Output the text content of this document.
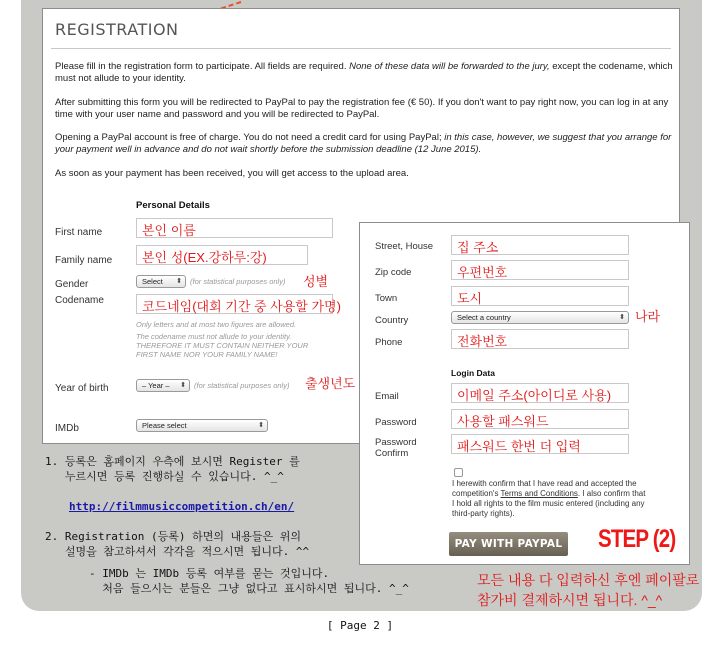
REGISTRATION

Please fill in the registration form to participate. All fields are required. None of these data will be forwarded to the jury, except the codename, which must not allude to your identity.

After submitting this form you will be redirected to PayPal to pay the registration fee (€ 50). If you don't want to pay right now, you can log in at any time with your user name and password and you will be redirected to PayPal.

Opening a PayPal account is free of charge. You do not need a credit card for using PayPal; in this case, however, we suggest that you arrange for your payment well in advance and do not wait shortly before the submission deadline (12 June 2015).

As soon as your payment has been received, you will get access to the upload area.

Personal Details
First name	본인 이름
Family name 본인 성(EX.강하루:강)
Gender	Select ⬍ (for statistical purposes only) 성별
Codename	코드네임(대회 기간 중 사용할 가명)
Only letters and at most two figures are allowed.
The codename must not allude to your identity.
THEREFORE IT MUST CONTAIN NEITHER YOUR
FIRST NAME NOR YOUR FAMILY NAME!
Year of birth	– Year – ⬍ (for statistical purposes only) 출생년도
IMDb	Please select	⬍
Street, House 집 주소
Zip code	우편번호
Town	도시
Country	Select a country	⬍ 나라
Phone	전화번호
Login Data
Email	이메일 주소(아이디로 사용)
Password	사용할 패스워드
Password
Confirm	패스워드 한번 더 입력
I herewith confirm that I have read and accepted the competition's Terms and Conditions. I also confirm that I hold all rights to the film music entered (including any third-party rights).
PAY WITH PAYPAL STEP (2)
모든 내용 다 입력하신 후엔 페이팔로
참가비 결제하시면 됩니다. ^_^
1. 등록은 홈페이지 우측에 보시면 Register 를
누르시면 등록 진행하실 수 있습니다. ^_^
http://filmmusiccompetition.ch/en/
2. Registration (등록) 하면의 내용들은 위의
설명을 참고하셔서 각각을 적으시면 됩니다. ^^
- IMDb 는 IMDb 등록 여부를 묻는 것입니다.
처음 들으시는 분들은 그냥 없다고 표시하시면 됩니다. ^_^
[ Page 2 ]
